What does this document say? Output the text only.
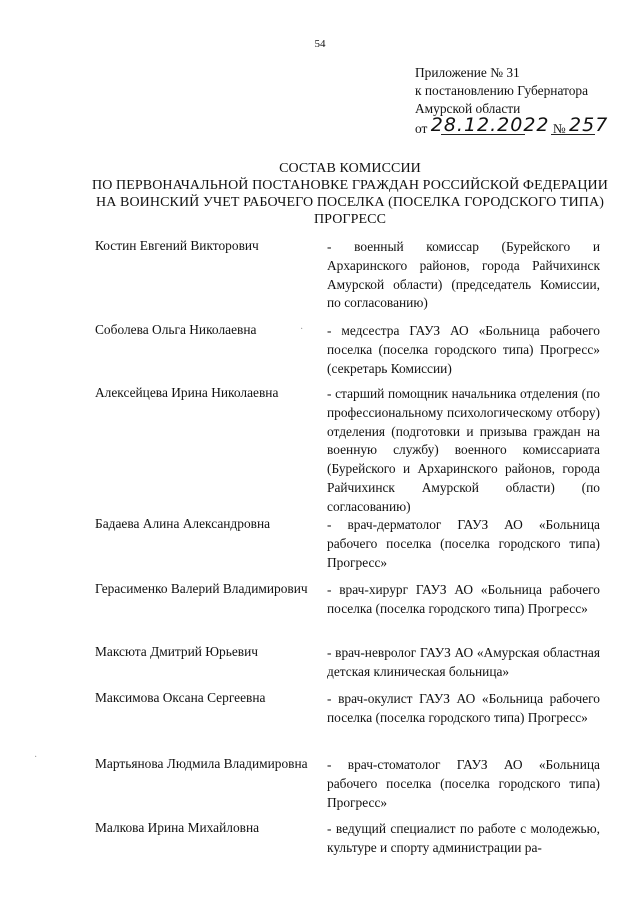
54
Приложение № 31
к постановлению Губернатора
Амурской области
от 28.12.2022 № 257
СОСТАВ КОМИССИИ
ПО ПЕРВОНАЧАЛЬНОЙ ПОСТАНОВКЕ ГРАЖДАН РОССИЙСКОЙ ФЕДЕРАЦИИ
НА ВОИНСКИЙ УЧЕТ РАБОЧЕГО ПОСЕЛКА (ПОСЕЛКА ГОРОДСКОГО ТИПА)
ПРОГРЕСС
Костин Евгений Викторович	- военный комиссар (Бурейского и Архаринского районов, города Райчихинск Амурской области) (председатель Комиссии, по согласованию)
Соболева Ольга Николаевна	- медсестра ГАУЗ АО «Больница рабочего поселка (поселка городского типа) Прогресс» (секретарь Комиссии)
Алексейцева Ирина Николаевна	- старший помощник начальника отделения (по профессиональному психологическому отбору) отделения (подготовки и призыва граждан на военную службу) военного комиссариата (Бурейского и Архаринского районов, города Райчихинск Амурской области) (по согласованию)
Бадаева Алина Александровна	- врач-дерматолог ГАУЗ АО «Больница рабочего поселка (поселка городского типа) Прогресс»
Герасименко Валерий Владимирович - врач-хирург ГАУЗ АО «Больница рабочего поселка (поселка городского типа) Прогресс»
Максюта Дмитрий Юрьевич	- врач-невролог ГАУЗ АО «Амурская областная детская клиническая больница»
Максимова Оксана Сергеевна	- врач-окулист ГАУЗ АО «Больница рабочего поселка (поселка городского типа) Прогресс»
Мартьянова Людмила Владимировна - врач-стоматолог ГАУЗ АО «Больница рабочего поселка (поселка городского типа) Прогресс»
Малкова Ирина Михайловна	- ведущий специалист по работе с молодежью, культуре и спорту администрации ра-
·
·
